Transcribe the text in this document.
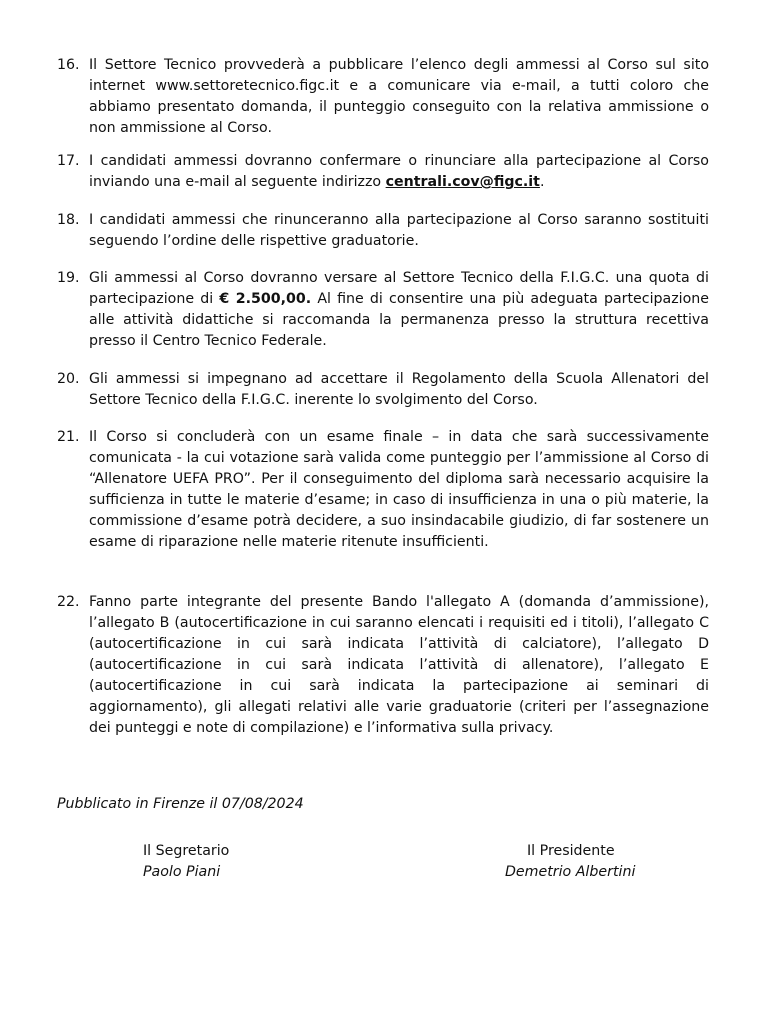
16. Il Settore Tecnico provvederà a pubblicare l’elenco degli ammessi al Corso sul sito internet www.settoretecnico.figc.it e a comunicare via e-mail, a tutti coloro che abbiamo presentato domanda, il punteggio conseguito con la relativa ammissione o non ammissione al Corso.
17. I candidati ammessi dovranno confermare o rinunciare alla partecipazione al Corso inviando una e-mail al seguente indirizzo centrali.cov@figc.it.
18. I candidati ammessi che rinunceranno alla partecipazione al Corso saranno sostituiti seguendo l’ordine delle rispettive graduatorie.
19. Gli ammessi al Corso dovranno versare al Settore Tecnico della F.I.G.C. una quota di partecipazione di € 2.500,00. Al fine di consentire una più adeguata partecipazione alle attività didattiche si raccomanda la permanenza presso la struttura recettiva presso il Centro Tecnico Federale.
20. Gli ammessi si impegnano ad accettare il Regolamento della Scuola Allenatori del Settore Tecnico della F.I.G.C. inerente lo svolgimento del Corso.
21. Il Corso si concluderà con un esame finale – in data che sarà successivamente comunicata - la cui votazione sarà valida come punteggio per l’ammissione al Corso di “Allenatore UEFA PRO”. Per il conseguimento del diploma sarà necessario acquisire la sufficienza in tutte le materie d’esame; in caso di insufficienza in una o più materie, la commissione d’esame potrà decidere, a suo insindacabile giudizio, di far sostenere un esame di riparazione nelle materie ritenute insufficienti.
22. Fanno parte integrante del presente Bando l'allegato A (domanda d’ammissione), l’allegato B (autocertificazione in cui saranno elencati i requisiti ed i titoli), l’allegato C (autocertificazione in cui sarà indicata l’attività di calciatore), l’allegato D (autocertificazione in cui sarà indicata l’attività di allenatore), l’allegato E (autocertificazione in cui sarà indicata la partecipazione ai seminari di aggiornamento), gli allegati relativi alle varie graduatorie (criteri per l’assegnazione dei punteggi e note di compilazione) e l’informativa sulla privacy.
Pubblicato in Firenze il 07/08/2024
Il Segretario
Paolo Piani
Il Presidente
Demetrio Albertini
